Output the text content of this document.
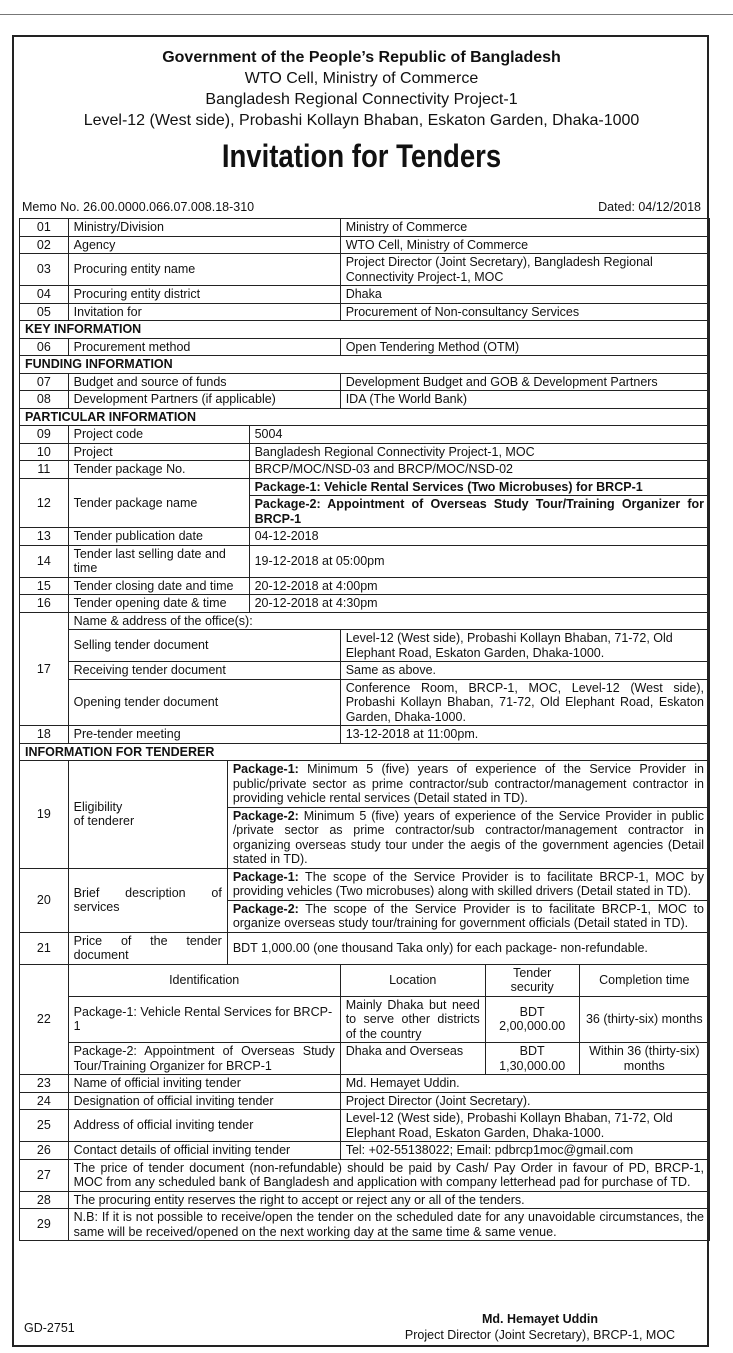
Government of the People’s Republic of Bangladesh
WTO Cell, Ministry of Commerce
Bangladesh Regional Connectivity Project-1
Level-12 (West side), Probashi Kollayn Bhaban, Eskaton Garden, Dhaka-1000
Invitation for Tenders
Memo No. 26.00.0000.066.07.008.18-310	Dated: 04/12/2018
01	Ministry/Division			Ministry of Commerce		
02	Agency			WTO Cell, Ministry of Commerce		
03	Procuring entity name			Project Director (Joint Secretary), Bangladesh Regional Connectivity Project-1, MOC		
04	Procuring entity district			Dhaka		
05	Invitation for			Procurement of Non-consultancy Services		
KEY INFORMATION						
06	Procurement method			Open Tendering Method (OTM)		
FUNDING INFORMATION						
07	Budget and source of funds			Development Budget and GOB & Development Partners		
08	Development Partners (if applicable)			IDA (The World Bank)		
PARTICULAR INFORMATION						
09	Project code		5004			
10	Project		Bangladesh Regional Connectivity Project-1, MOC			
11	Tender package No.		BRCP/MOC/NSD-03 and BRCP/MOC/NSD-02			
12	Tender package name		Package-1: Vehicle Rental Services (Two Microbuses) for BRCP-1			
			Package-2: Appointment of Overseas Study Tour/Training Organizer for BRCP-1			
13	Tender publication date		04-12-2018			
14	Tender last selling date and time		19-12-2018 at 05:00pm			
15	Tender closing date and time		20-12-2018 at 4:00pm			
16	Tender opening date & time		20-12-2018 at 4:30pm			
17	Name & address of the office(s):					
	Selling tender document			Level-12 (West side), Probashi Kollayn Bhaban, 71-72, Old Elephant Road, Eskaton Garden, Dhaka-1000.		
	Receiving tender document			Same as above.		
	Opening tender document			Conference Room, BRCP-1, MOC, Level-12 (West side), Probashi Kollayn Bhaban, 71-72, Old Elephant Road, Eskaton Garden, Dhaka-1000.		
18	Pre-tender meeting			13-12-2018 at 11:00pm.		
INFORMATION FOR TENDERER						
19	Eligibility
of tenderer	Package-1: Minimum 5 (five) years of experience of the Service Provider in public/private sector as prime contractor/sub contractor/management contractor in providing vehicle rental services (Detail stated in TD).				
		Package-2: Minimum 5 (five) years of experience of the Service Provider in public /private sector as prime contractor/sub contractor/management contractor in organizing overseas study tour under the aegis of the government agencies (Detail stated in TD).				
20	Brief description of services	Package-1: The scope of the Service Provider is to facilitate BRCP-1, MOC by providing vehicles (Two microbuses) along with skilled drivers (Detail stated in TD).				
		Package-2: The scope of the Service Provider is to facilitate BRCP-1, MOC to organize overseas study tour/training for government officials (Detail stated in TD).				
21	Price of the tender document	BDT 1,000.00 (one thousand Taka only) for each package- non-refundable.				
22	Identification			Location	Tender security	Completion time
	Package-1: Vehicle Rental Services for BRCP-1			Mainly Dhaka but need to serve other districts of the country	BDT 2,00,000.00	36 (thirty-six) months
	Package-2: Appointment of Overseas Study Tour/Training Organizer for BRCP-1			Dhaka and Overseas	BDT 1,30,000.00	Within 36 (thirty-six) months
23	Name of official inviting tender			Md. Hemayet Uddin.		
24	Designation of official inviting tender			Project Director (Joint Secretary).		
25	Address of official inviting tender			Level-12 (West side), Probashi Kollayn Bhaban, 71-72, Old Elephant Road, Eskaton Garden, Dhaka-1000.		
26	Contact details of official inviting tender			Tel: +02-55138022; Email: pdbrcp1moc@gmail.com		
27	The price of tender document (non-refundable) should be paid by Cash/ Pay Order in favour of PD, BRCP-1, MOC from any scheduled bank of Bangladesh and application with company letterhead pad for purchase of TD.					
28	The procuring entity reserves the right to accept or reject any or all of the tenders.					
29	N.B: If it is not possible to receive/open the tender on the scheduled date for any unavoidable circumstances, the same will be received/opened on the next working day at the same time & same venue.					
GD-2751
Md. Hemayet Uddin
Project Director (Joint Secretary), BRCP-1, MOC
